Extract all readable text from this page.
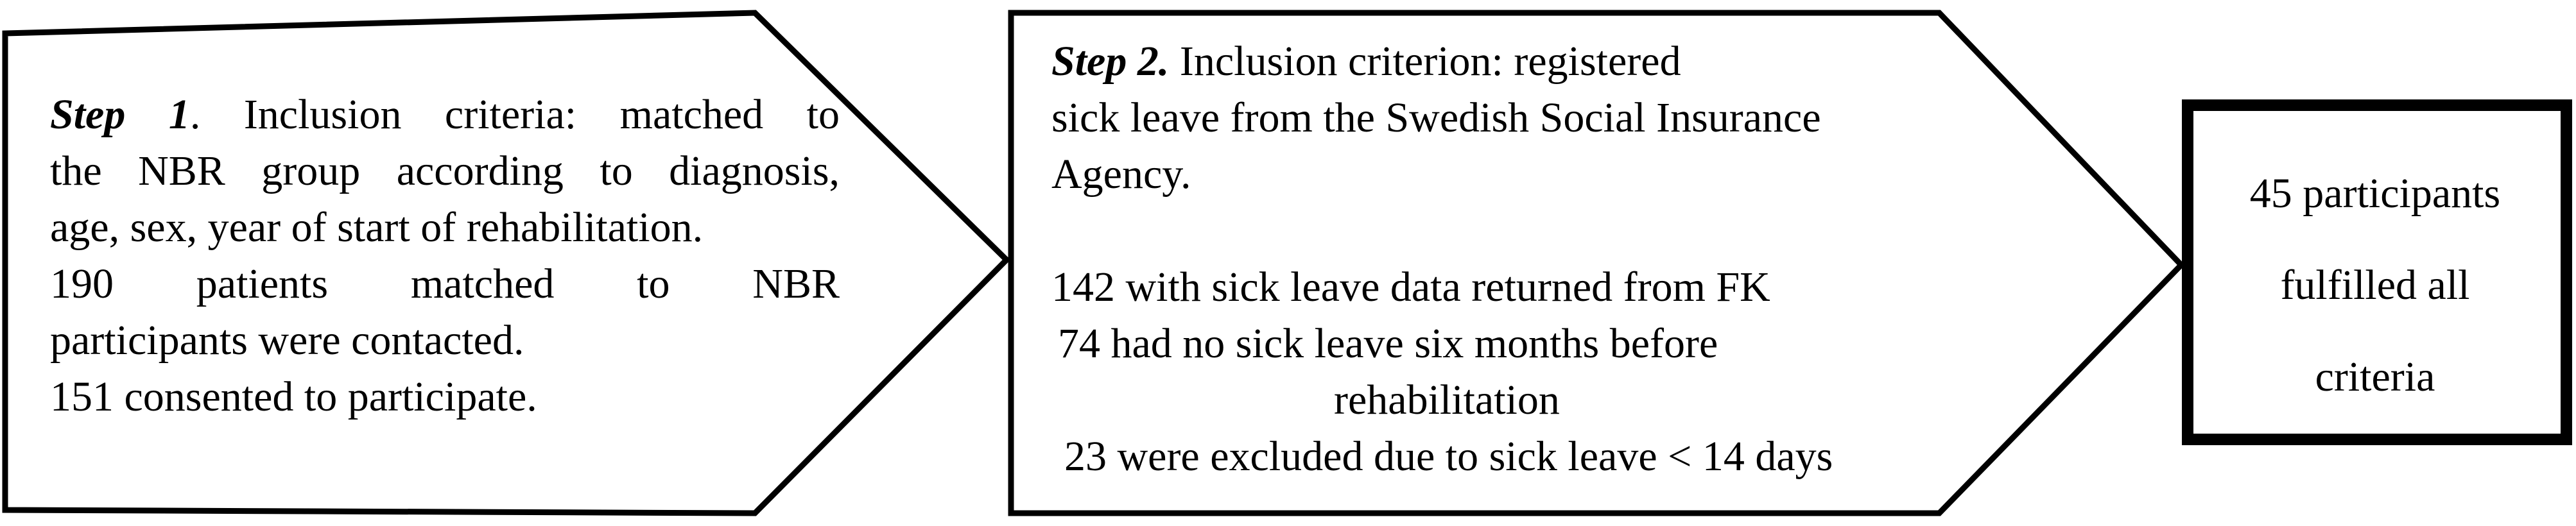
Step 1. Inclusion criteria: matched to

the NBR group according to diagnosis,

age, sex, year of start of rehabilitation.

190 patients matched to NBR

participants were contacted.

151 consented to participate.

Step 2. Inclusion criterion: registered

sick leave from the Swedish Social Insurance

Agency.

142 with sick leave data returned from FK

74 had no sick leave six months before

rehabilitation

23 were excluded due to sick leave < 14 days

45 participants

fulfilled all

criteria
